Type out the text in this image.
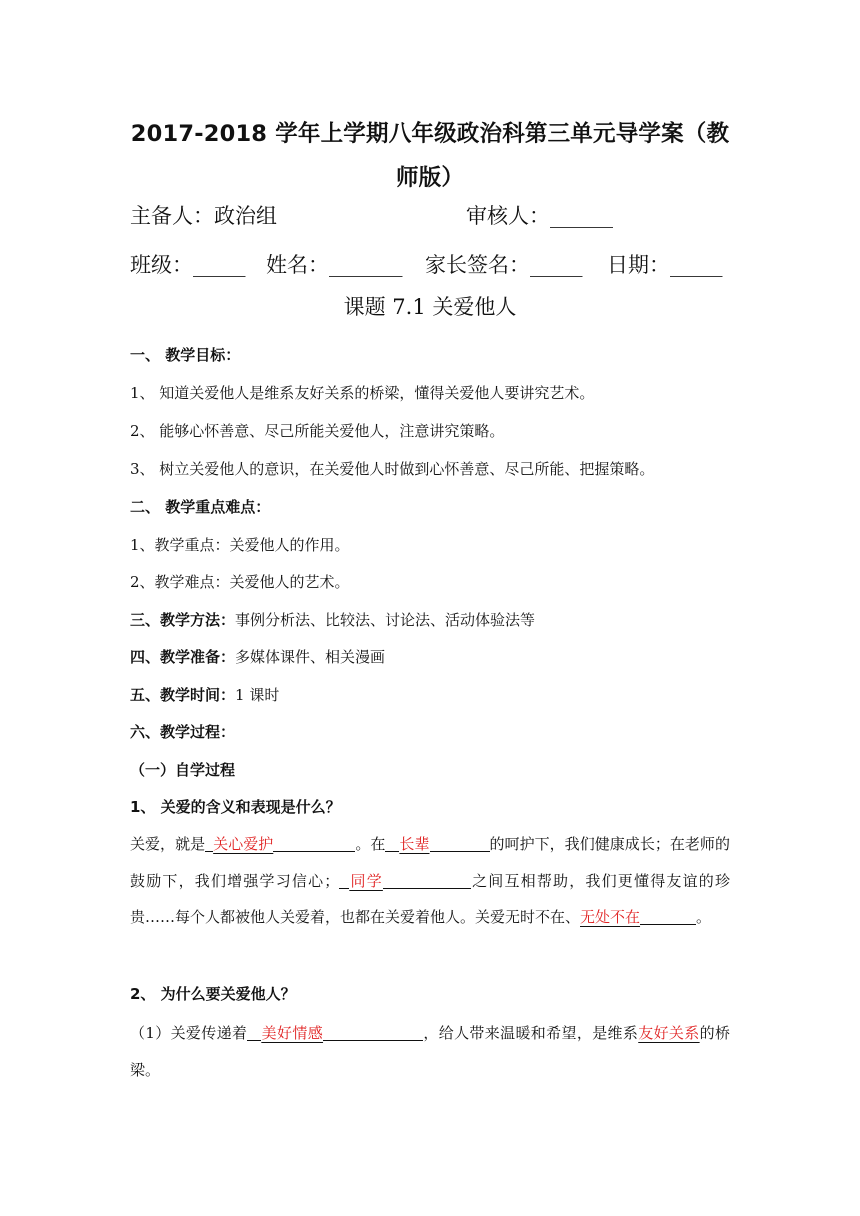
2017-2018 学年上学期八年级政治科第三单元导学案（教师版）
主备人：政治组	审核人：______
班级：_____ 姓名：_______ 家长签名：_____ 日期：_____
课题 7.1 关爱他人
一、 教学目标：
1、 知道关爱他人是维系友好关系的桥梁，懂得关爱他人要讲究艺术。
2、 能够心怀善意、尽己所能关爱他人，注意讲究策略。
3、 树立关爱他人的意识，在关爱他人时做到心怀善意、尽己所能、把握策略。
二、 教学重点难点：
1、教学重点：关爱他人的作用。
2、教学难点：关爱他人的艺术。
三、教学方法：事例分析法、比较法、讨论法、活动体验法等
四、教学准备：多媒体课件、相关漫画
五、教学时间：1 课时
六、教学过程：
（一）自学过程
1、 关爱的含义和表现是什么？
关爱，就是 关心爱护	。在 长辈	的呵护下，我们健康成长；在老师的鼓励下，我们增强学习信心； 同学	之间互相帮助，我们更懂得友谊的珍贵……每个人都被他人关爱着，也都在关爱着他人。关爱无时不在、无处不在	。
2、 为什么要关爱他人？
（1）关爱传递着 美好情感	，给人带来温暖和希望，是维系友好关系的桥梁。
